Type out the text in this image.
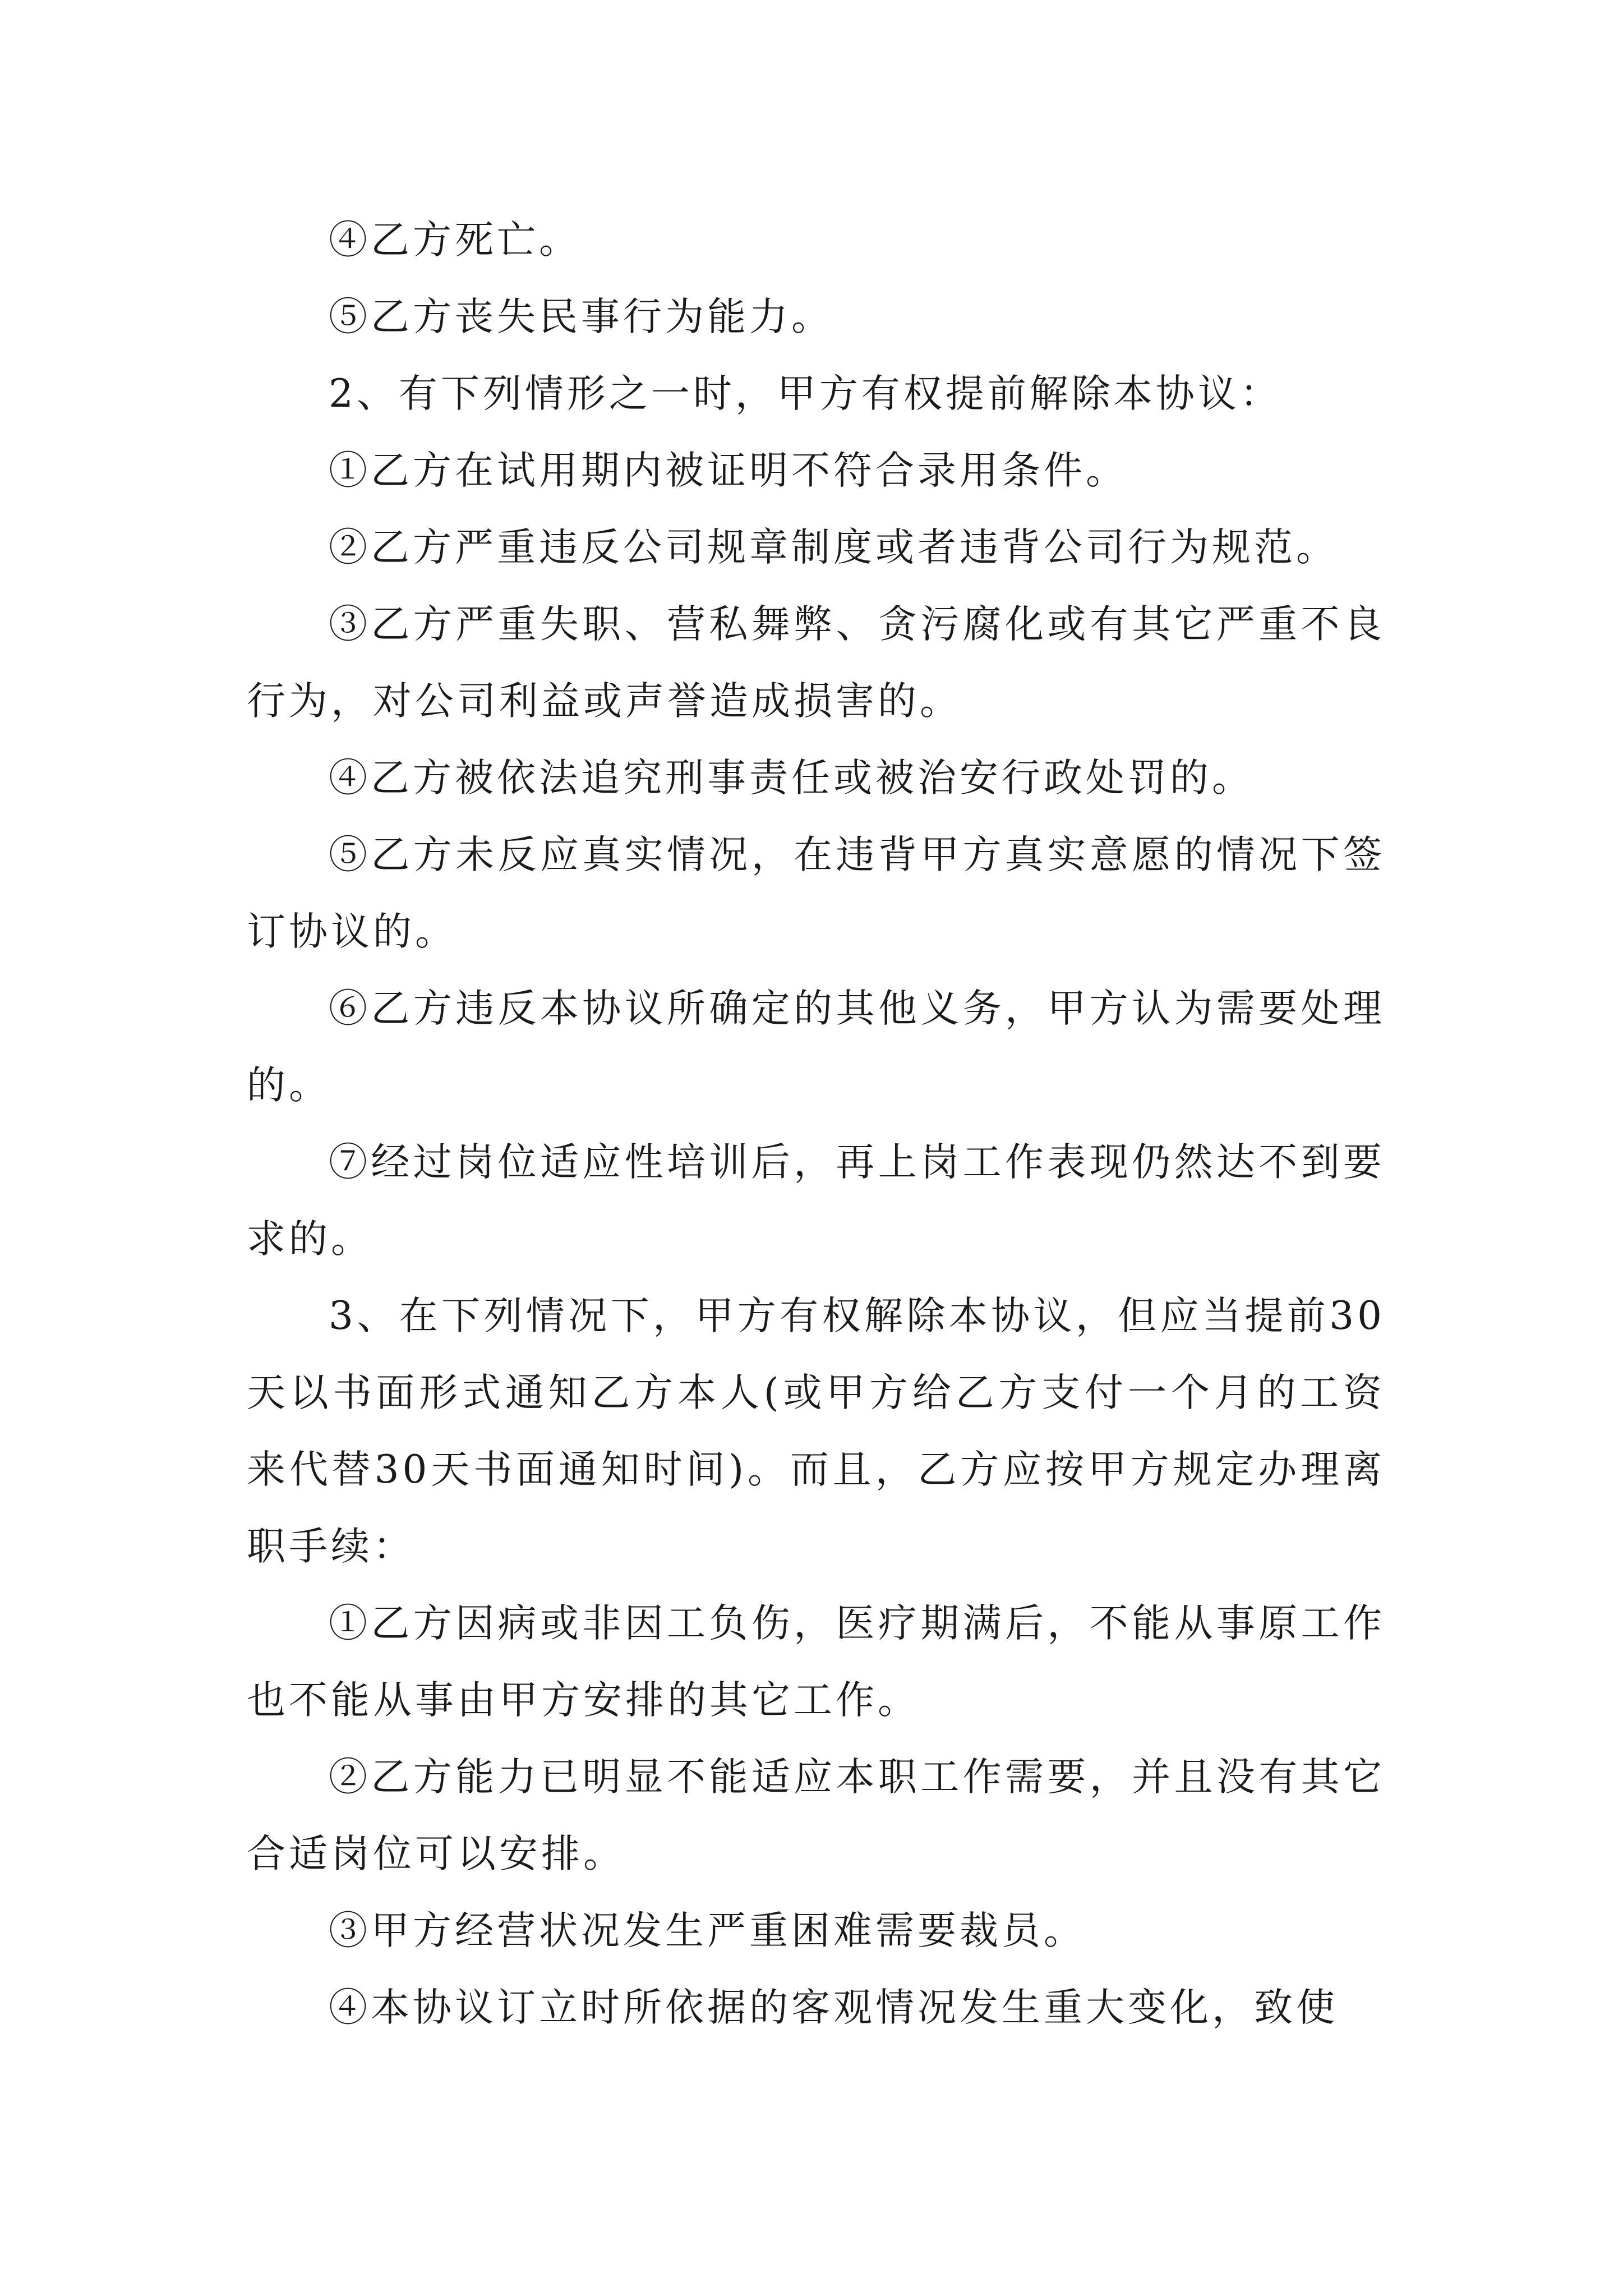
④乙方死亡。

⑤乙方丧失民事行为能力。

2、有下列情形之一时，甲方有权提前解除本协议：

①乙方在试用期内被证明不符合录用条件。

②乙方严重违反公司规章制度或者违背公司行为规范。

③乙方严重失职、营私舞弊、贪污腐化或有其它严重不良行为，对公司利益或声誉造成损害的。

④乙方被依法追究刑事责任或被治安行政处罚的。

⑤乙方未反应真实情况，在违背甲方真实意愿的情况下签订协议的。

⑥乙方违反本协议所确定的其他义务，甲方认为需要处理的。

⑦经过岗位适应性培训后，再上岗工作表现仍然达不到要求的。

3、在下列情况下，甲方有权解除本协议，但应当提前30天以书面形式通知乙方本人(或甲方给乙方支付一个月的工资来代替30天书面通知时间)。而且，乙方应按甲方规定办理离职手续：

①乙方因病或非因工负伤，医疗期满后，不能从事原工作也不能从事由甲方安排的其它工作。

②乙方能力已明显不能适应本职工作需要，并且没有其它合适岗位可以安排。

③甲方经营状况发生严重困难需要裁员。

④本协议订立时所依据的客观情况发生重大变化，致使
